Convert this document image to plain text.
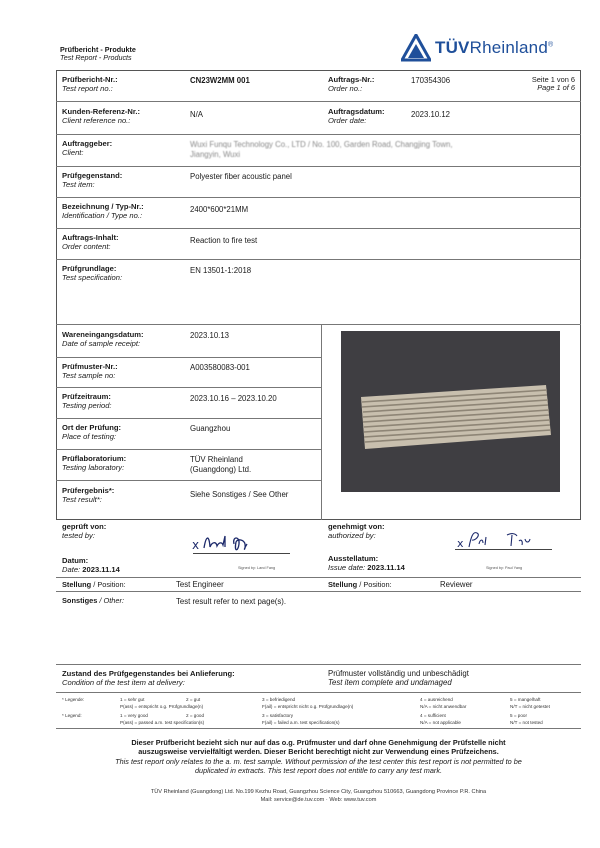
Prüfbericht - Produkte
Test Report - Products
TÜVRheinland®
Prüfbericht-Nr.:
Test report no.:
CN23W2MM 001	Auftrags-Nr.:
Order no.:
170354306	Seite 1 von 6
Page 1 of 6
Kunden-Referenz-Nr.:
Client reference no.:
N/A	Auftragsdatum:
Order date:
2023.10.12
Auftraggeber:
Client:
Wuxi Funqu Technology Co., LTD / No. 100, Garden Road, Changjing Town,
Jiangyin, Wuxi
Prüfgegenstand:
Test item:
Polyester fiber acoustic panel
Bezeichnung / Typ-Nr.:
Identification / Type no.:
2400*600*21MM
Auftrags-Inhalt:
Order content:
Reaction to fire test
Prüfgrundlage:
Test specification:
EN 13501-1:2018
Wareneingangsdatum:
Date of sample receipt:
2023.10.13
Prüfmuster-Nr.:
Test sample no:
A003580083-001
Prüfzeitraum:
Testing period:
2023.10.16 – 2023.10.20
Ort der Prüfung:
Place of testing:
Guangzhou
Prüflaboratorium:
Testing laboratory:
TÜV Rheinland
(Guangdong) Ltd.
Prüfergebnis*:
Test result*:
Siehe Sonstiges / See Other
geprüft von:
tested by:
genehmigt von:
authorized by:
x
Signed by: Land Fang
x
Signed by: Paul Yang
Datum:
Date: 2023.11.14
Ausstellatum:
Issue date: 2023.11.14
Stellung / Position:	Test Engineer	Stellung / Position:	Reviewer
Sonstiges / Other:	Test result refer to next page(s).
Zustand des Prüfgegenstandes bei Anlieferung:
Condition of the test item at delivery:
Prüfmuster vollständig und unbeschädigt
Test item complete and undamaged
* Legende:	1 = sehr gut	2 = gut	3 = befriedigend	4 = ausreichend	5 = mangelhaft
P(ass) = entspricht o.g. Prüfgrundlage(n)	F(ail) = entspricht nicht o.g. Prüfgrundlage(n)	N/A = nicht anwendbar	N/T = nicht getestet
* Legend:	1 = very good	2 = good	3 = satisfactory	4 = sufficient	5 = poor
P(ass) = passed a.m. test specification(s)	F(ail) = failed a.m. test specification(s)	N/A = not applicable	N/T = not tested
Dieser Prüfbericht bezieht sich nur auf das o.g. Prüfmuster und darf ohne Genehmigung der Prüfstelle nicht
auszugsweise vervielfältigt werden. Dieser Bericht berechtigt nicht zur Verwendung eines Prüfzeichens.
This test report only relates to the a. m. test sample. Without permission of the test center this test report is not permitted to be
duplicated in extracts. This test report does not entitle to carry any test mark.
TÜV Rheinland (Guangdong) Ltd. No.199 Kezhu Road, Guangzhou Science City, Guangzhou 510663, Guangdong Province P.R. China
Mail: service@de.tuv.com · Web: www.tuv.com
